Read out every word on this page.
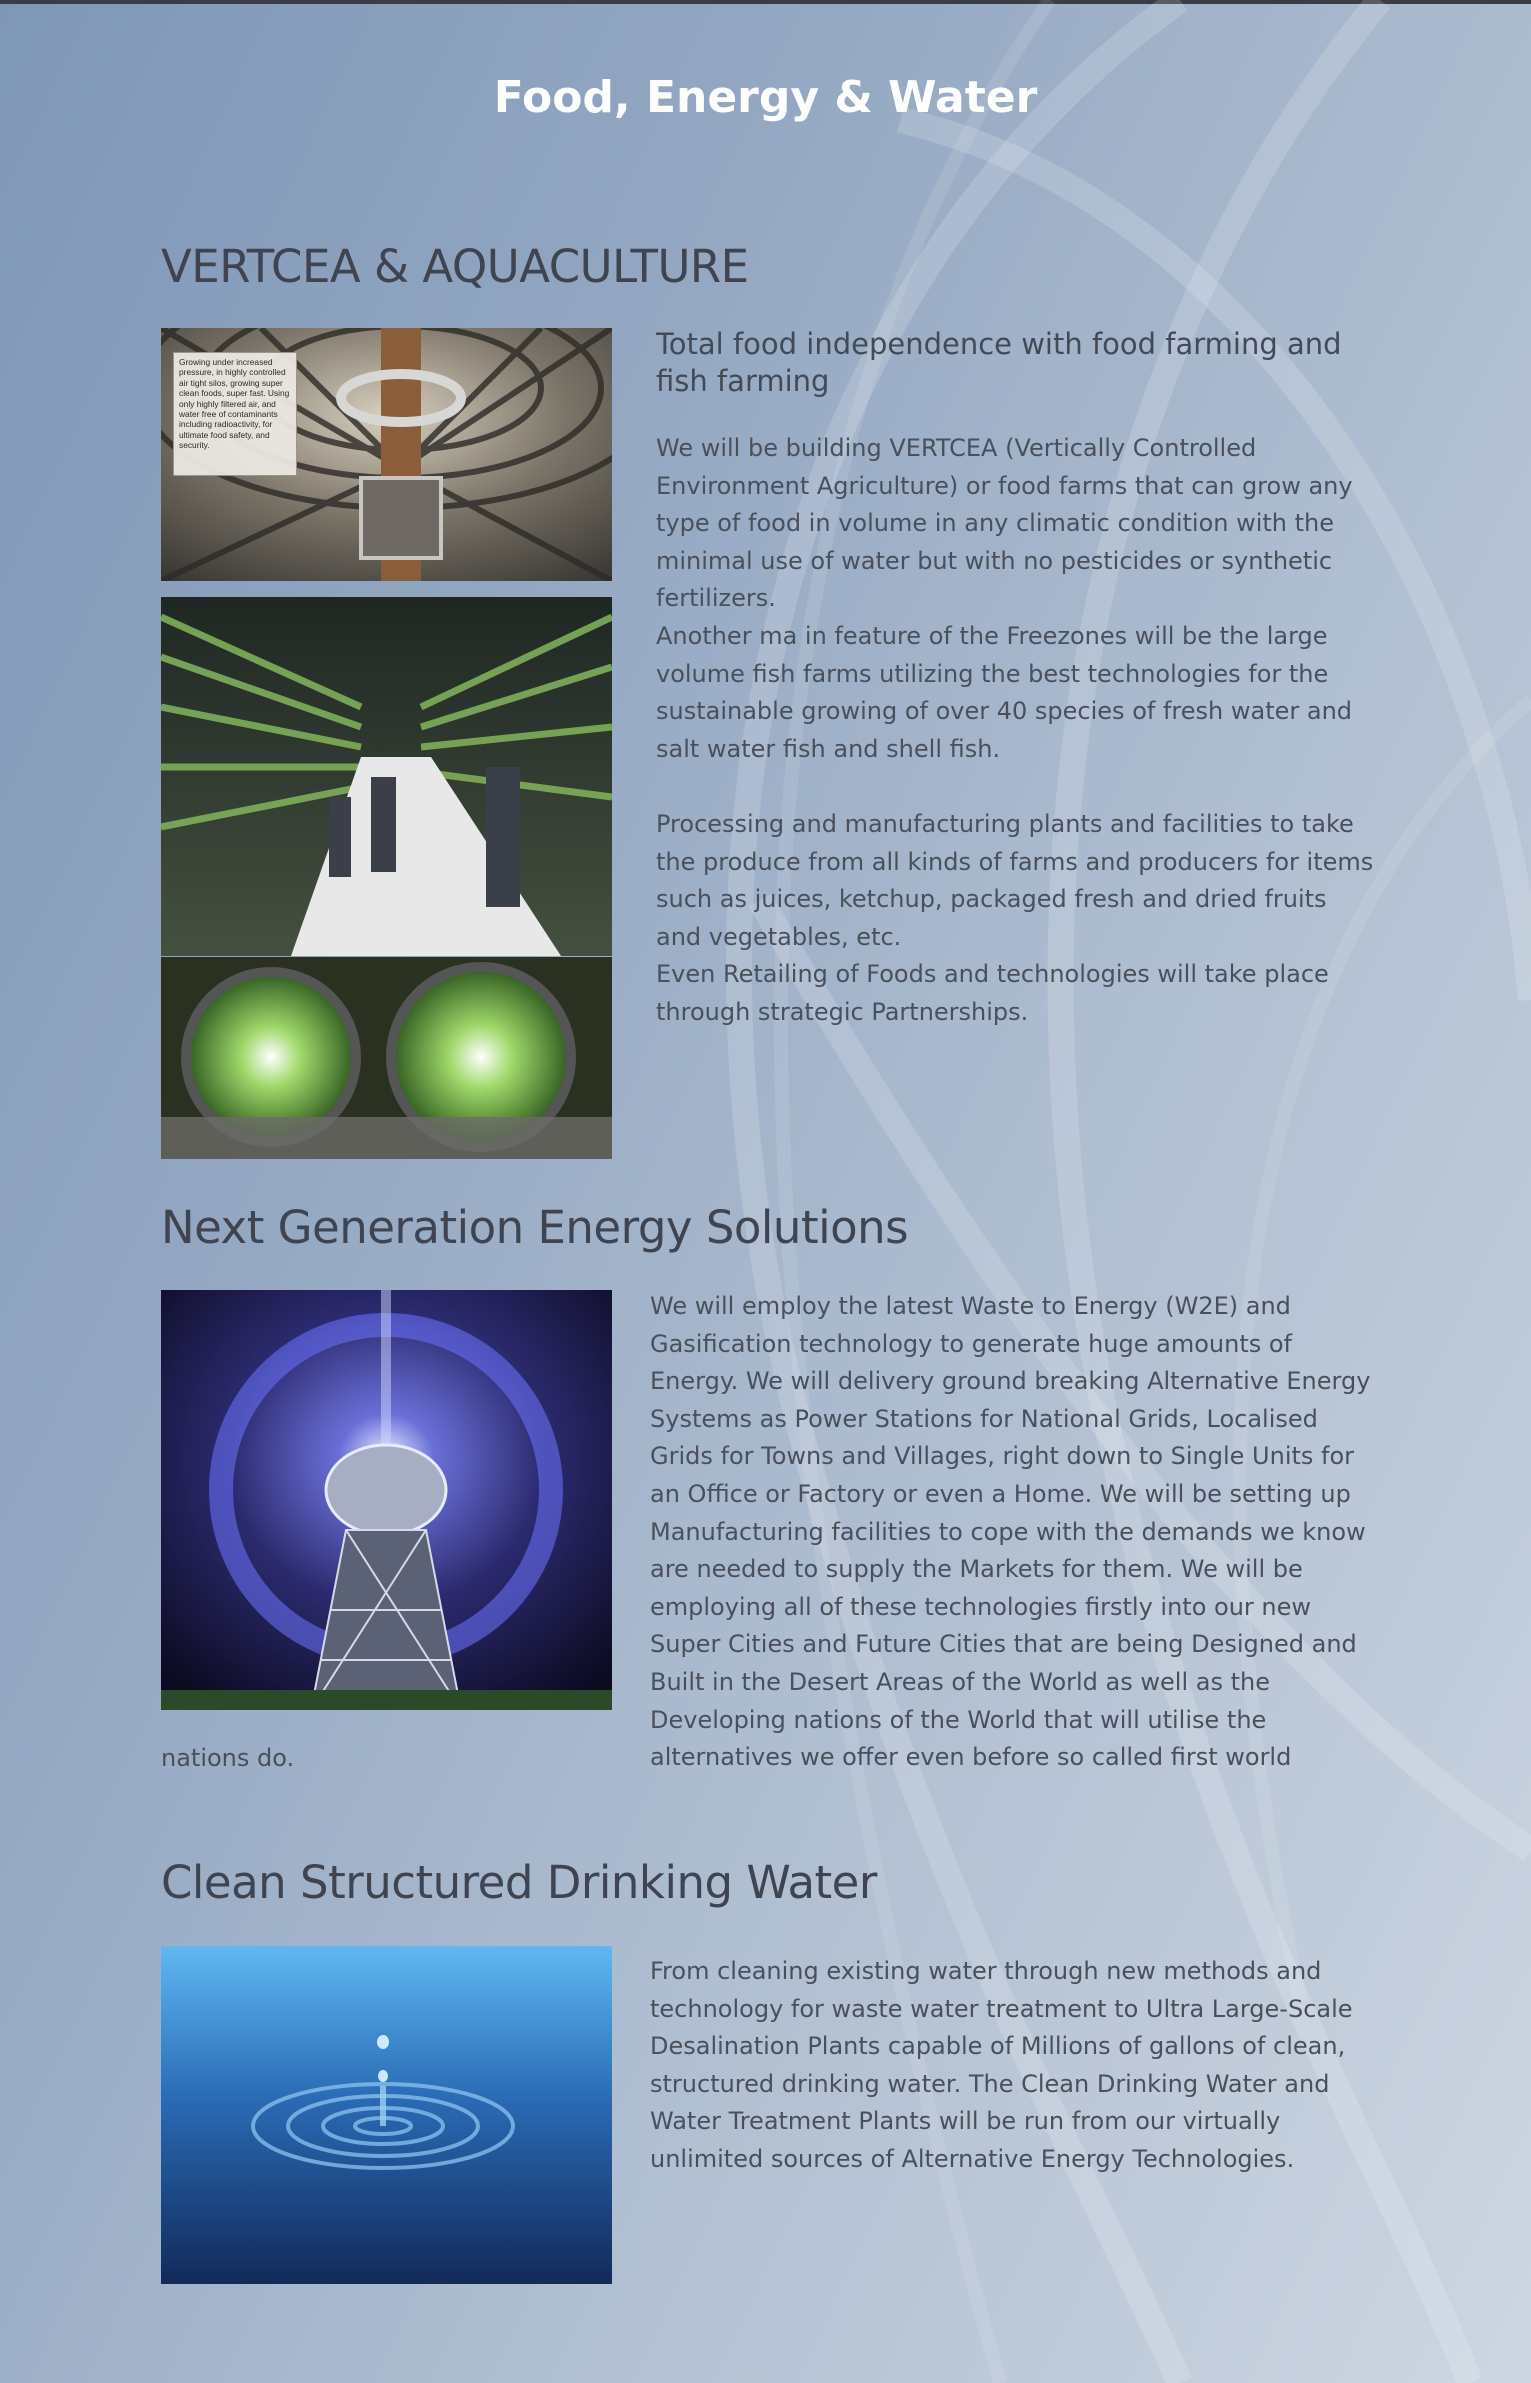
Food, Energy & Water
VERTCEA & AQUACULTURE
Growing under increased pressure, in highly controlled air tight silos, growing super clean foods, super fast. Using only highly filtered air, and water free of contaminants including radioactivity, for ultimate food safety, and security.
Total food independence with food farming and fish farming

We will be building VERTCEA (Vertically Controlled Environment Agriculture) or food farms that can grow any type of food in volume in any climatic condition with the minimal use of water but with no pesticides or synthetic fertilizers.

Another ma in feature of the Freezones will be the large volume fish farms utilizing the best technologies for the sustainable growing of over 40 species of fresh water and salt water fish and shell fish.

Processing and manufacturing plants and facilities to take the produce from all kinds of farms and producers for items such as juices, ketchup, packaged fresh and dried fruits and vegetables, etc.

Even Retailing of Foods and technologies will take place through strategic Partnerships.

Next Generation Energy Solutions

We will employ the latest Waste to Energy (W2E) and Gasification technology to generate huge amounts of Energy. We will delivery ground breaking Alternative Energy Systems as Power Stations for National Grids, Localised Grids for Towns and Villages, right down to Single Units for an Office or Factory or even a Home. We will be setting up Manufacturing facilities to cope with the demands we know are needed to supply the Markets for them. We will be employing all of these technologies firstly into our new Super Cities and Future Cities that are being Designed and Built in the Desert Areas of the World as well as the Developing nations of the World that will utilise the alternatives we offer even before so called first world

nations do.

Clean Structured Drinking Water

From cleaning existing water through new methods and technology for waste water treatment to Ultra Large-Scale Desalination Plants capable of Millions of gallons of clean, structured drinking water. The Clean Drinking Water and Water Treatment Plants will be run from our virtually unlimited sources of Alternative Energy Technologies.
